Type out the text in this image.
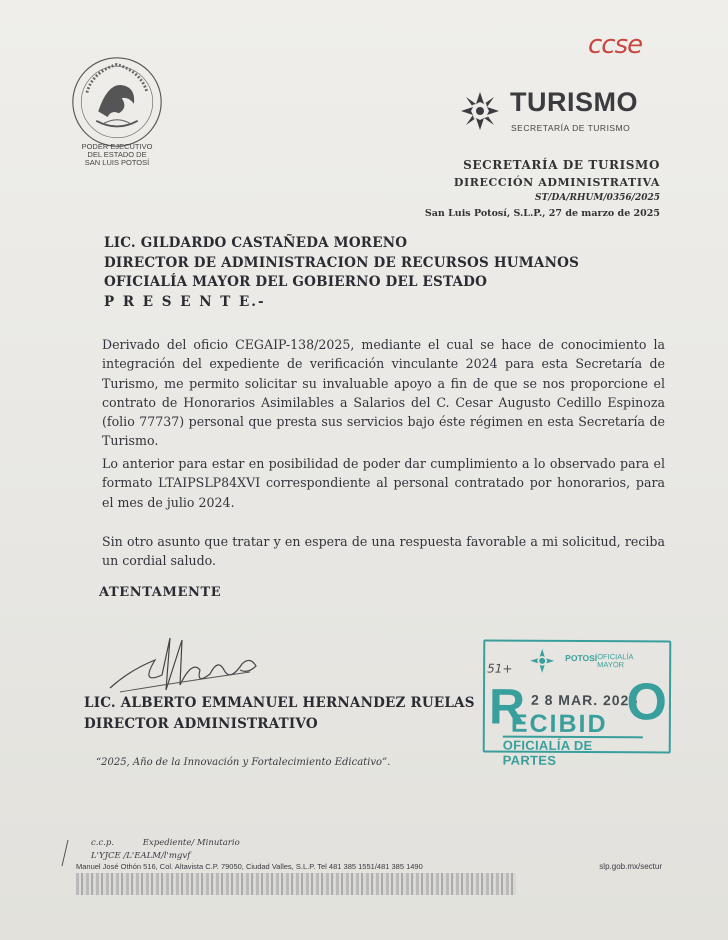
ccse
PODER EJECUTIVO
DEL ESTADO DE
SAN LUIS POTOSÍ
TURISMO
SECRETARÍA DE TURISMO
SECRETARÍA DE TURISMO
DIRECCIÓN ADMINISTRATIVA
ST/DA/RHUM/0356/2025
San Luis Potosí, S.L.P., 27 de marzo de 2025
LIC. GILDARDO CASTAÑEDA MORENO
DIRECTOR DE ADMINISTRACION DE RECURSOS HUMANOS
OFICIALÍA MAYOR DEL GOBIERNO DEL ESTADO
P R E S E N T E.-
Derivado del oficio CEGAIP-138/2025, mediante el cual se hace de conocimiento la integración del expediente de verificación vinculante 2024 para esta Secretaría de Turismo, me permito solicitar su invaluable apoyo a fin de que se nos proporcione el contrato de Honorarios Asimilables a Salarios del C. Cesar Augusto Cedillo Espinoza (folio 77737) personal que presta sus servicios bajo éste régimen en esta Secretaría de Turismo.
Lo anterior para estar en posibilidad de poder dar cumplimiento a lo observado para el formato LTAIPSLP84XVI correspondiente al personal contratado por honorarios, para el mes de julio 2024.
Sin otro asunto que tratar y en espera de una respuesta favorable a mi solicitud, reciba un cordial saludo.
ATENTAMENTE
LIC. ALBERTO EMMANUEL HERNANDEZ RUELAS
DIRECTOR ADMINISTRATIVO
“2025, Año de la Innovación y Fortalecimiento Edicativo”.
51+
POTOSÍ OFICIALÍA MAYOR
R 2 8 MAR. 2025
ECIBID O
OFICIALÍA DE PARTES
c.c.p.	Expediente/ Minutario
L'YJCE /L'EALM/l'mgvf
Manuel José Othón 516, Col. Altavista C.P. 79050, Ciudad Valles, S.L.P. Tel 481 385 1551/481 385 1490	slp.gob.mx/sectur
